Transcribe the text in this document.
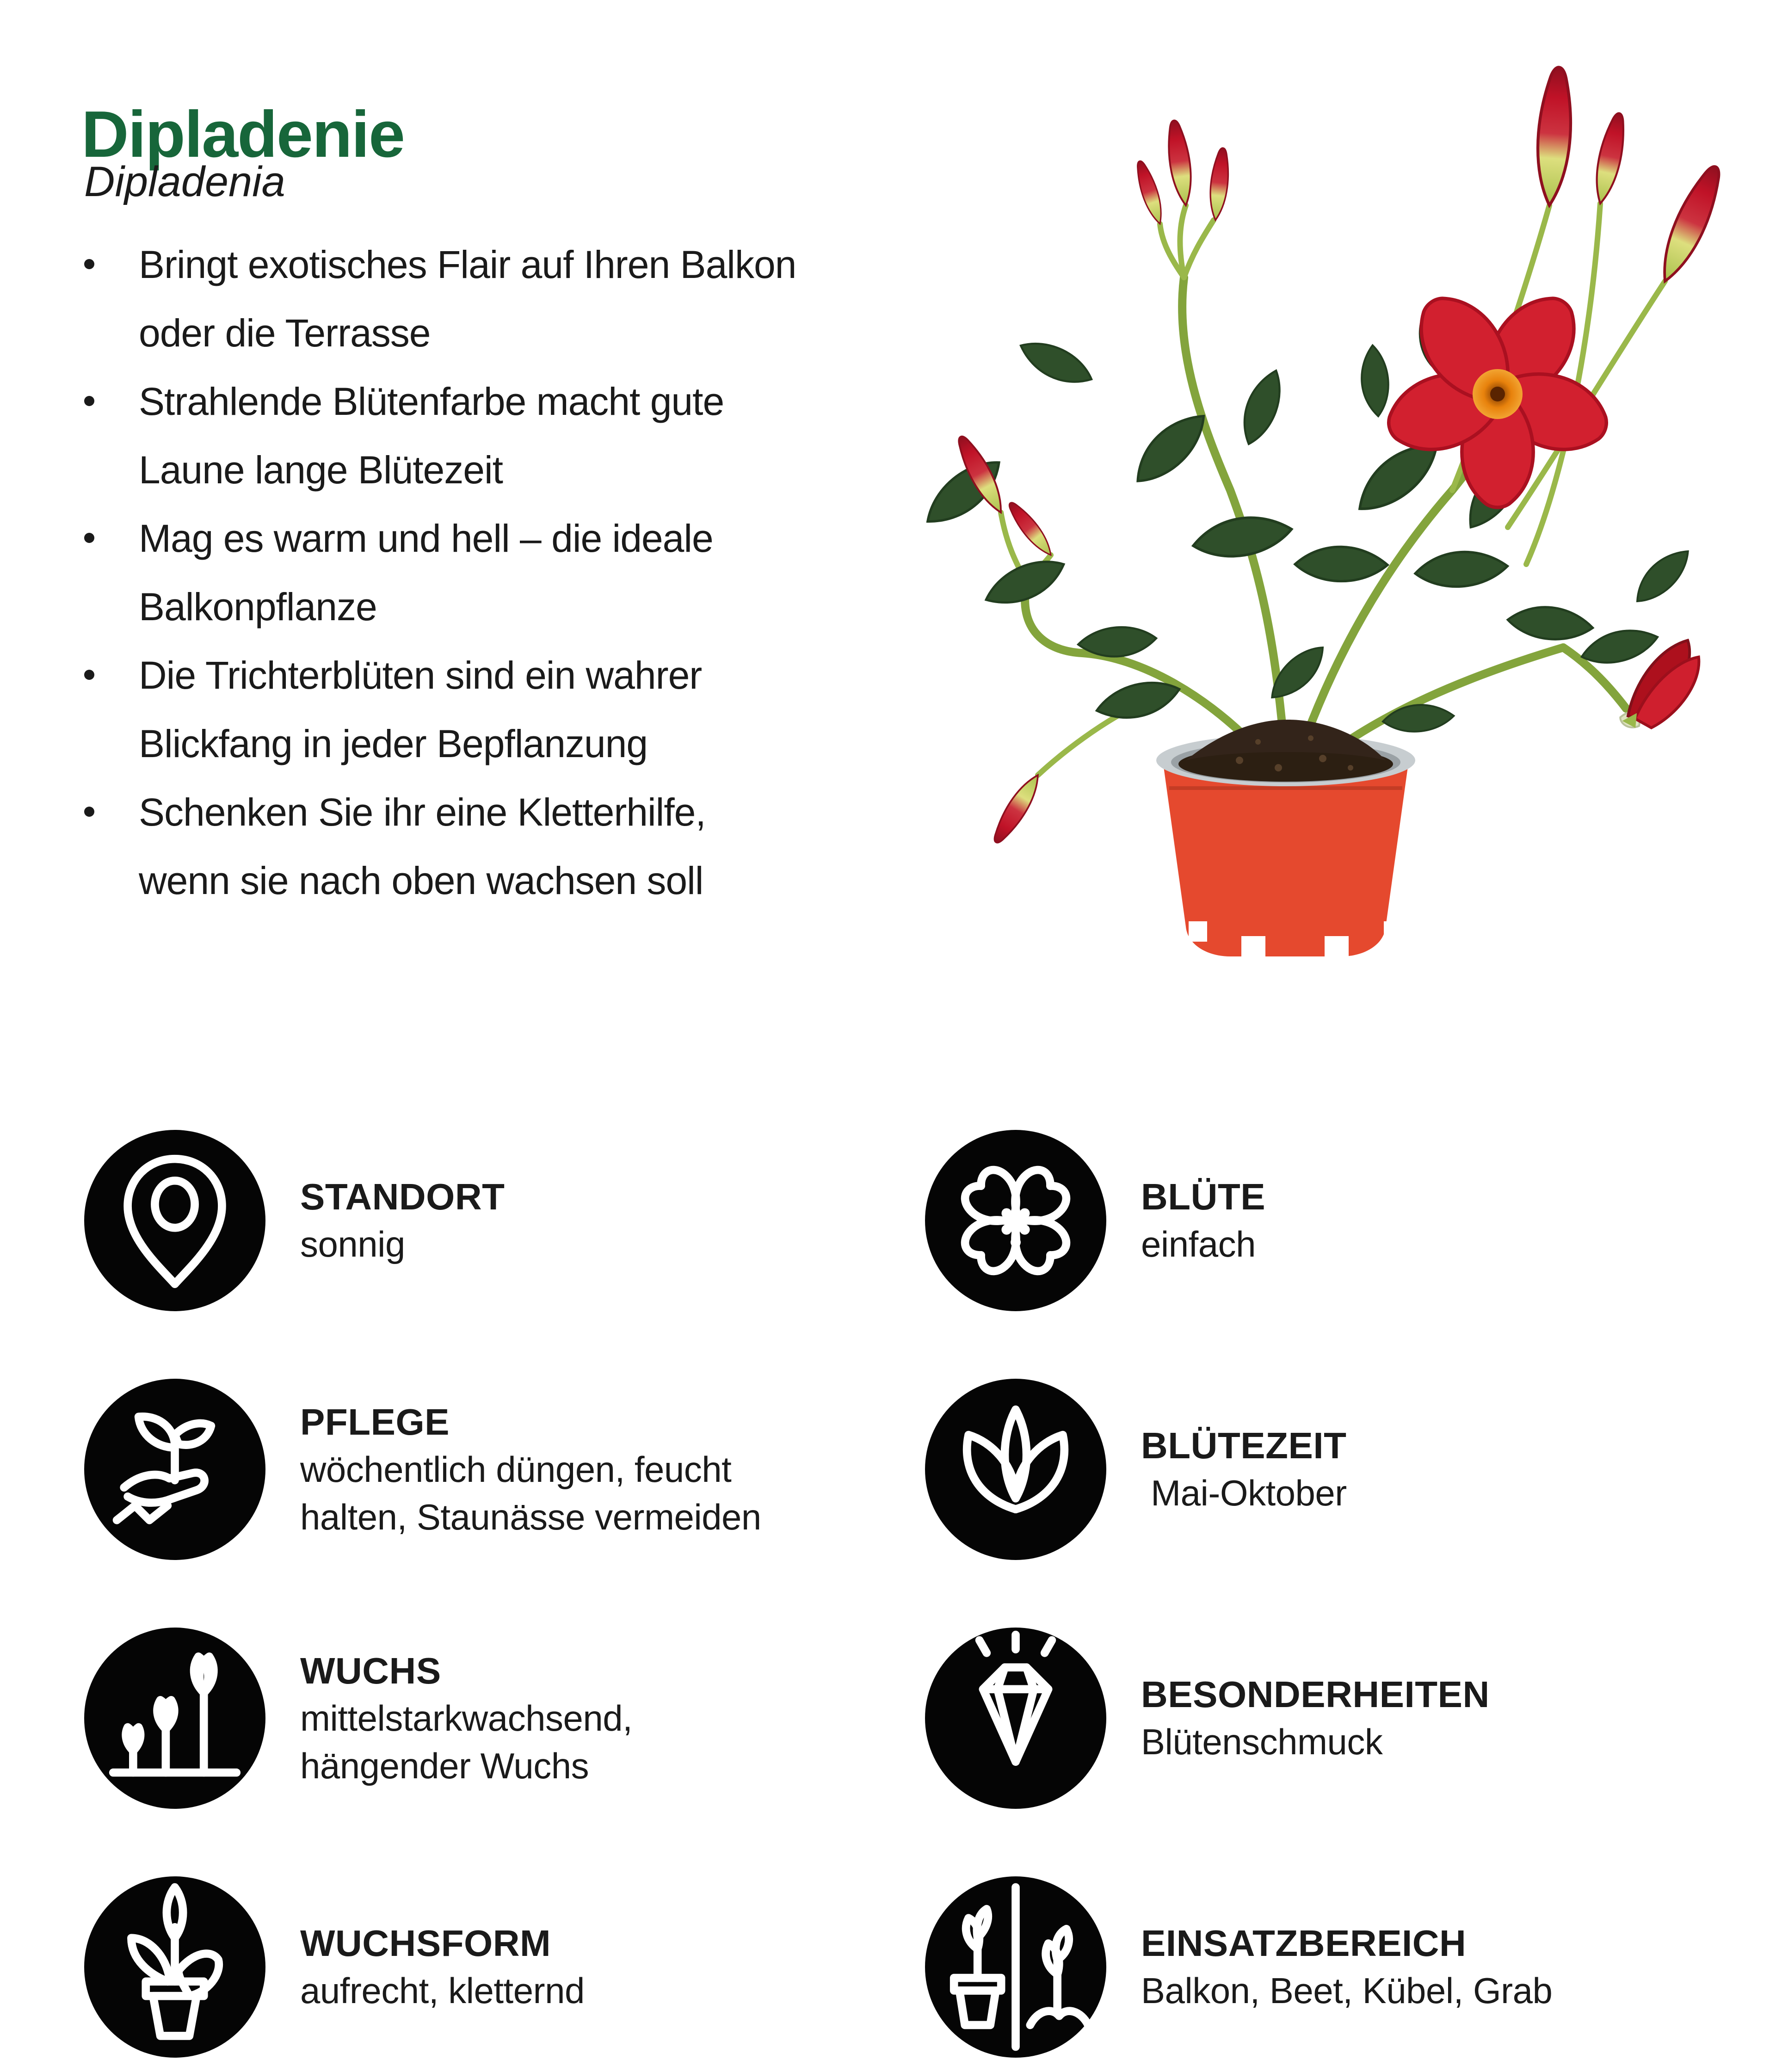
Dipladenie
Dipladenia
Bringt exotisches Flair auf Ihren Balkon
oder die Terrasse
Strahlende Blütenfarbe macht gute
Laune lange Blütezeit
Mag es warm und hell – die ideale
Balkonpflanze
Die Trichterblüten sind ein wahrer
Blickfang in jeder Bepflanzung
Schenken Sie ihr eine Kletterhilfe,
wenn sie nach oben wachsen soll
STANDORT
sonnig
PFLEGE
wöchentlich düngen, feucht
halten, Staunässe vermeiden
WUCHS
mittelstarkwachsend,
hängender Wuchs
WUCHSFORM
aufrecht, kletternd
BLÜTE
einfach
BLÜTEZEIT
Mai-Oktober
BESONDERHEITEN
Blütenschmuck
EINSATZBEREICH
Balkon, Beet, Kübel, Grab
